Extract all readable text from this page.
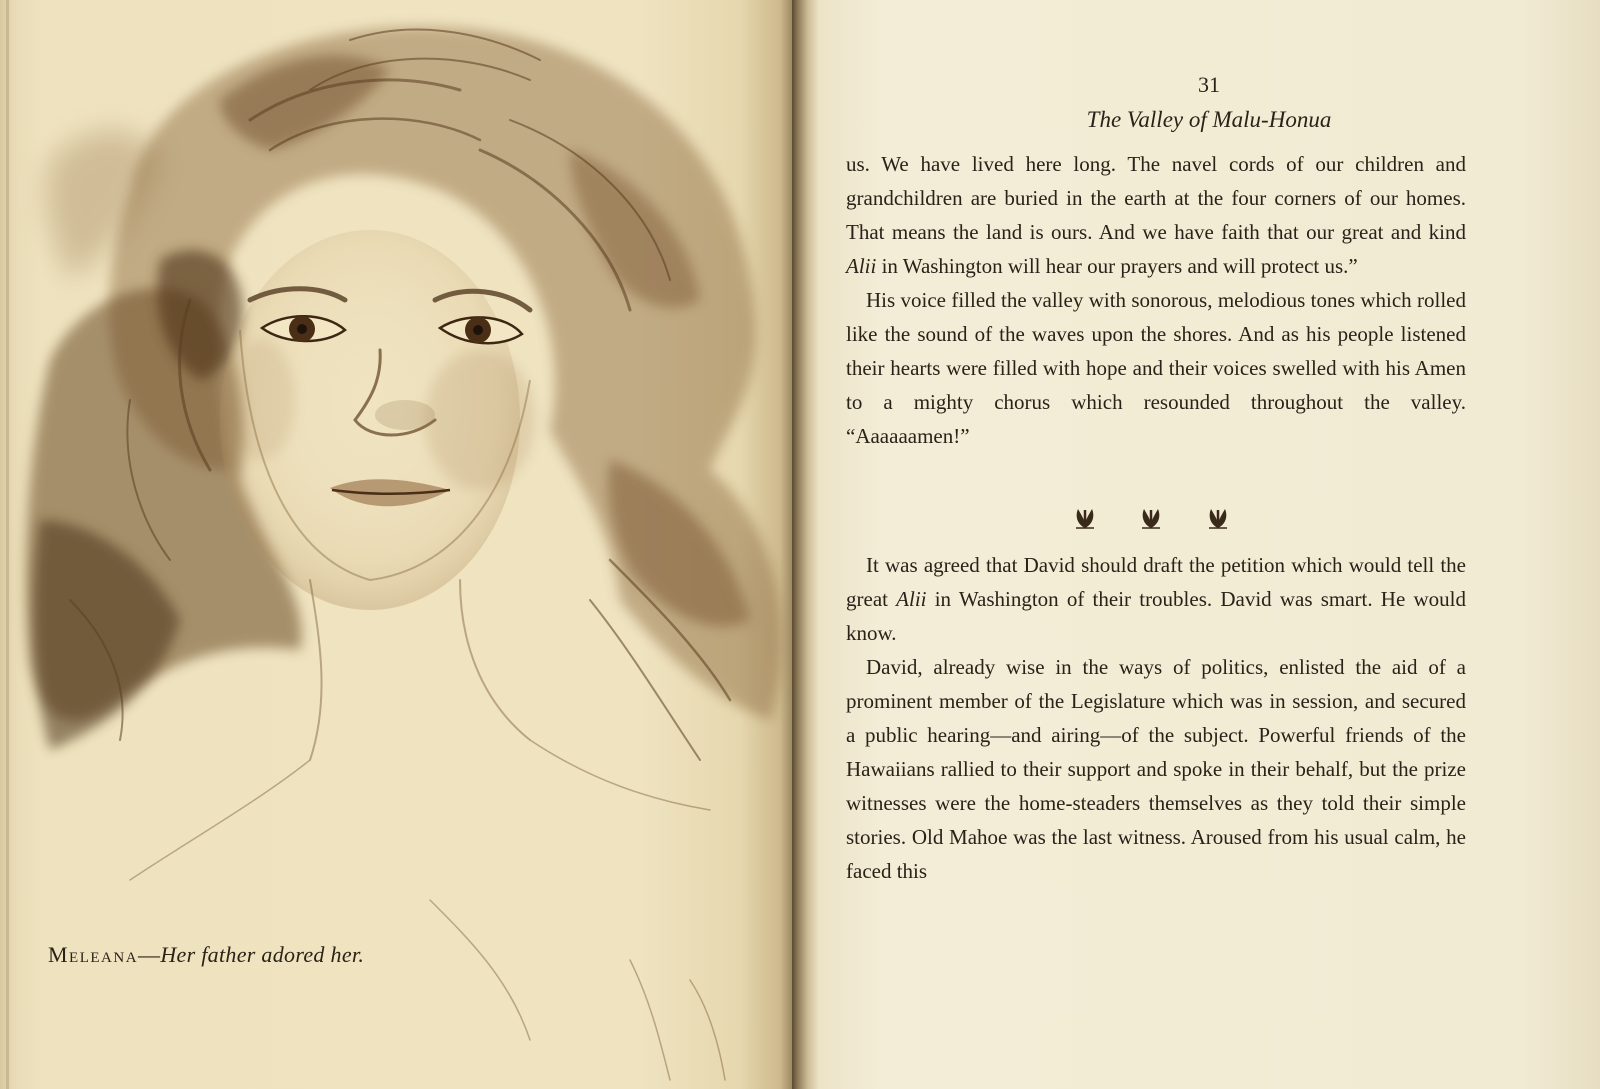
Meleana—Her father adored her.
31
The Valley of Malu-Honua

us. We have lived here long. The navel cords of our children and grandchildren are buried in the earth at the four corners of our homes. That means the land is ours. And we have faith that our great and kind Alii in Washington will hear our prayers and will protect us.”

His voice filled the valley with sonorous, melodious tones which rolled like the sound of the waves upon the shores. And as his people listened their hearts were filled with hope and their voices swelled with his Amen to a mighty chorus which resounded throughout the valley. “Aaaaaamen!”

It was agreed that David should draft the petition which would tell the great Alii in Washington of their troubles. David was smart. He would know.

David, already wise in the ways of politics, enlisted the aid of a prominent member of the Legislature which was in session, and secured a public hearing—and airing—of the subject. Powerful friends of the Hawaiians rallied to their support and spoke in their behalf, but the prize witnesses were the home-steaders themselves as they told their simple stories. Old Mahoe was the last witness. Aroused from his usual calm, he faced this
